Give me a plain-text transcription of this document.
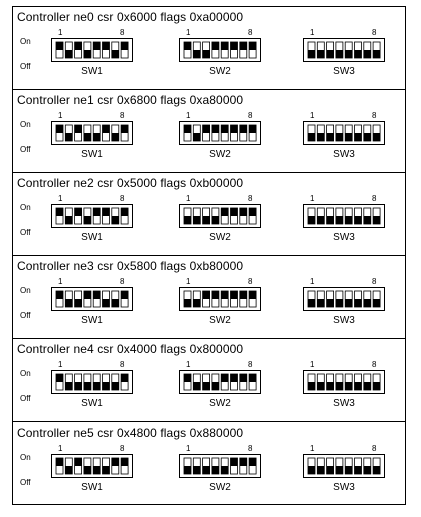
Controller ne0 csr 0x6000 flags 0xa00000
On
Off
1	8
SW1
1	8
SW2
1	8
SW3
Controller ne1 csr 0x6800 flags 0xa80000
On
Off
1	8
SW1
1	8
SW2
1	8
SW3
Controller ne2 csr 0x5000 flags 0xb00000
On
Off
1	8
SW1
1	8
SW2
1	8
SW3
Controller ne3 csr 0x5800 flags 0xb80000
On
Off
1	8
SW1
1	8
SW2
1	8
SW3
Controller ne4 csr 0x4000 flags 0x800000
On
Off
1	8
SW1
1	8
SW2
1	8
SW3
Controller ne5 csr 0x4800 flags 0x880000
On
Off
1	8
SW1
1	8
SW2
1	8
SW3
